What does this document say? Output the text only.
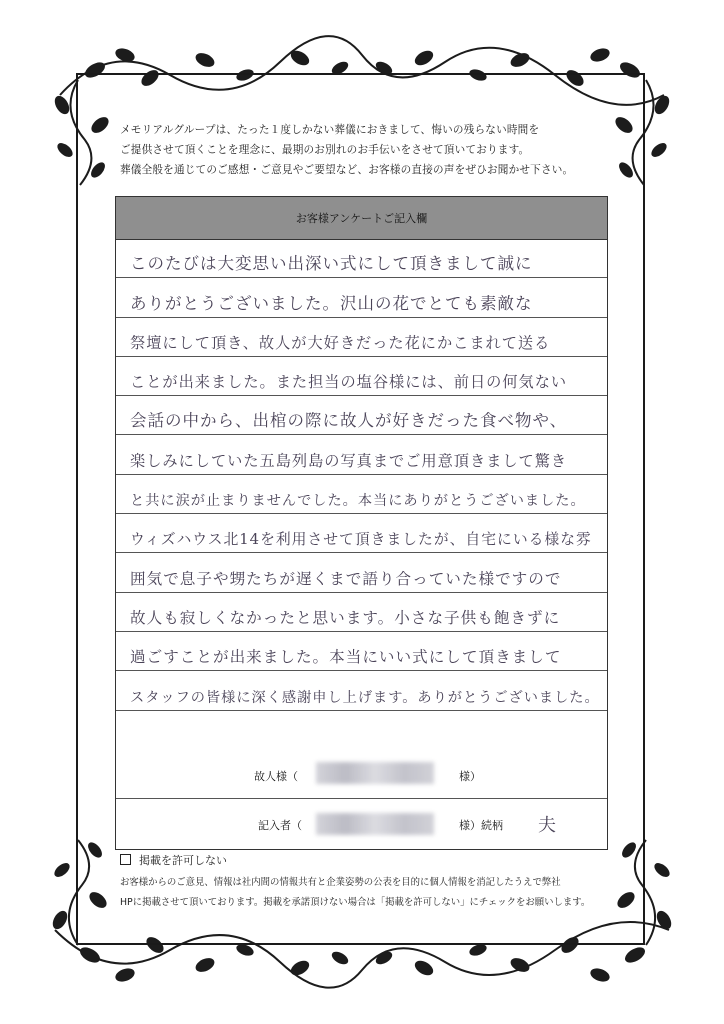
メモリアルグループは、たった１度しかない葬儀におきまして、悔いの残らない時間を
ご提供させて頂くことを理念に、最期のお別れのお手伝いをさせて頂いております。
葬儀全般を通じてのご感想・ご意見やご要望など、お客様の直接の声をぜひお聞かせ下さい。
お客様アンケートご記入欄
このたびは大変思い出深い式にして頂きまして誠に
ありがとうございました。沢山の花でとても素敵な
祭壇にして頂き、故人が大好きだった花にかこまれて送る
ことが出来ました。また担当の塩谷様には、前日の何気ない
会話の中から、出棺の際に故人が好きだった食べ物や、
楽しみにしていた五島列島の写真までご用意頂きまして驚き
と共に涙が止まりませんでした。本当にありがとうございました。
ウィズハウス北14を利用させて頂きましたが、自宅にいる様な雰
囲気で息子や甥たちが遅くまで語り合っていた様ですので
故人も寂しくなかったと思います。小さな子供も飽きずに
過ごすことが出来ました。本当にいい式にして頂きまして
スタッフの皆様に深く感謝申し上げます。ありがとうございました。
故人様（	様）
記入者（	様）続柄 夫
掲載を許可しない
お客様からのご意見、情報は社内間の情報共有と企業姿勢の公表を目的に個人情報を消記したうえで弊社
HPに掲載させて頂いております。掲載を承諾頂けない場合は「掲載を許可しない」にチェックをお願いします。
